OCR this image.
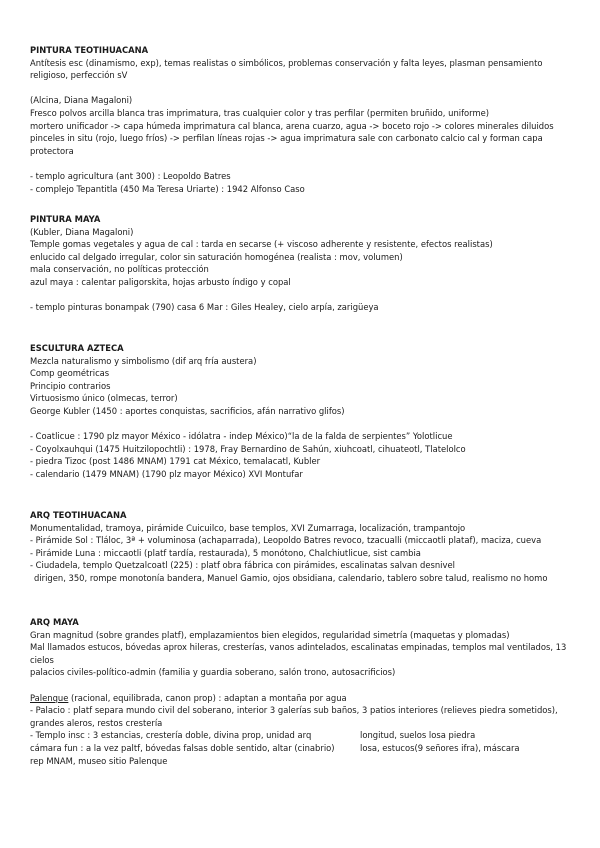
PINTURA TEOTIHUACANA

Antítesis esc (dinamismo, exp), temas realistas o simbólicos, problemas conservación y falta leyes, plasman pensamiento religioso, perfección sV

(Alcina, Diana Magaloni)

Fresco polvos arcilla blanca tras imprimatura, tras cualquier color y tras perfilar (permiten bruñido, uniforme)

mortero unificador -> capa húmeda imprimatura cal blanca, arena cuarzo, agua -> boceto rojo -> colores minerales diluidos pinceles in situ (rojo, luego fríos) -> perfilan líneas rojas -> agua imprimatura sale con carbonato calcio cal y forman capa protectora

- templo agricultura (ant 300) : Leopoldo Batres

- complejo Tepantitla (450 Ma Teresa Uriarte) : 1942 Alfonso Caso

PINTURA MAYA

(Kubler, Diana Magaloni)

Temple gomas vegetales y agua de cal : tarda en secarse (+ viscoso adherente y resistente, efectos realistas)

enlucido cal delgado irregular, color sin saturación homogénea (realista : mov, volumen)

mala conservación, no políticas protección

azul maya : calentar paligorskita, hojas arbusto índigo y copal

- templo pinturas bonampak (790) casa 6 Mar : Giles Healey, cielo arpía, zarigüeya

ESCULTURA AZTECA

Mezcla naturalismo y simbolismo (dif arq fría austera)

Comp geométricas

Principio contrarios

Virtuosismo único (olmecas, terror)

George Kubler (1450 : aportes conquistas, sacrificios, afán narrativo glifos)

- Coatlicue : 1790 plz mayor México - idólatra - indep México)“la de la falda de serpientes” Yolotlicue

- Coyolxauhqui (1475 Huitzilopochtli) : 1978, Fray Bernardino de Sahún, xiuhcoatl, cihuateotl, Tlatelolco

- piedra Tizoc (post 1486 MNAM) 1791 cat México, temalacatl, Kubler

- calendario (1479 MNAM) (1790 plz mayor México) XVI Montufar

ARQ TEOTIHUACANA

Monumentalidad, tramoya, pirámide Cuicuilco, base templos, XVI Zumarraga, localización, trampantojo

- Pirámide Sol : Tláloc, 3ª + voluminosa (achaparrada), Leopoldo Batres revoco, tzacualli (miccaotli plataf), maciza, cueva

- Pirámide Luna : miccaotli (platf tardía, restaurada), 5 monótono, Chalchiutlicue, sist cambia

- Ciudadela, templo Quetzalcoatl (225) : platf obra fábrica con pirámides, escalinatas salvan desnivel

dirigen, 350, rompe monotonía bandera, Manuel Gamio, ojos obsidiana, calendario, tablero sobre talud, realismo no homo

ARQ MAYA

Gran magnitud (sobre grandes platf), emplazamientos bien elegidos, regularidad simetría (maquetas y plomadas)

Mal llamados estucos, bóvedas aprox hileras, cresterías, vanos adintelados, escalinatas empinadas, templos mal ventilados, 13 cielos

palacios civiles-político-admin (familia y guardia soberano, salón trono, autosacrificios)

Palenque (racional, equilibrada, canon prop) : adaptan a montaña por agua

- Palacio : platf separa mundo civil del soberano, interior 3 galerías sub baños, 3 patios interiores (relieves piedra sometidos), grandes aleros, restos crestería

- Templo insc : 3 estancias, crestería doble, divina prop, unidad arq	longitud, suelos losa piedra
cámara fun : a la vez paltf, bóvedas falsas doble sentido, altar (cinabrio)	losa, estucos(9 señores ifra), máscara

rep MNAM, museo sitio Palenque
